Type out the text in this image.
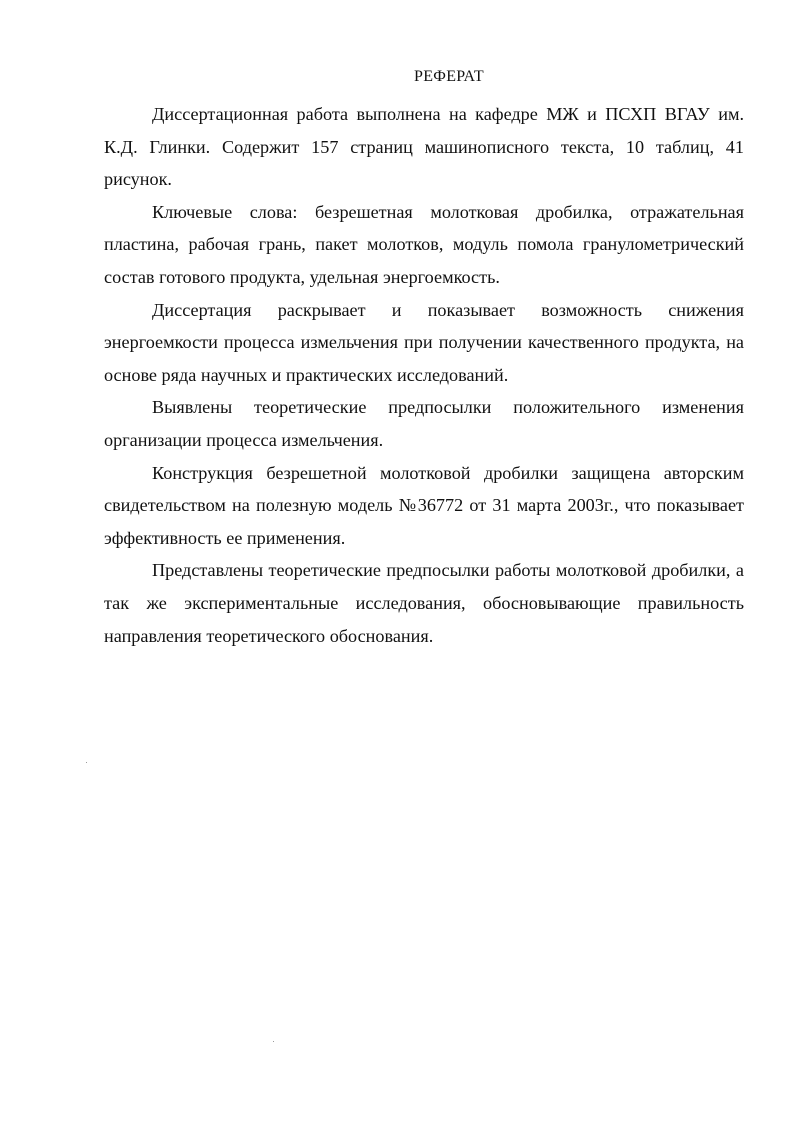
РЕФЕРАТ

Диссертационная работа выполнена на кафедре МЖ и ПСХП ВГАУ им. К.Д. Глинки. Содержит 157 страниц машинописного текста, 10 таблиц, 41 рисунок.

Ключевые слова: безрешетная молотковая дробилка, отражательная пластина, рабочая грань, пакет молотков, модуль помола гранулометрический состав готового продукта, удельная энергоемкость.

Диссертация раскрывает и показывает возможность снижения энергоемкости процесса измельчения при получении качественного продукта, на основе ряда научных и практических исследований.

Выявлены теоретические предпосылки положительного изменения организации процесса измельчения.

Конструкция безрешетной молотковой дробилки защищена авторским свидетельством на полезную модель №36772 от 31 марта 2003г., что показывает эффективность ее применения.

Представлены теоретические предпосылки работы молотковой дробилки, а так же экспериментальные исследования, обосновывающие правильность направления теоретического обоснования.
